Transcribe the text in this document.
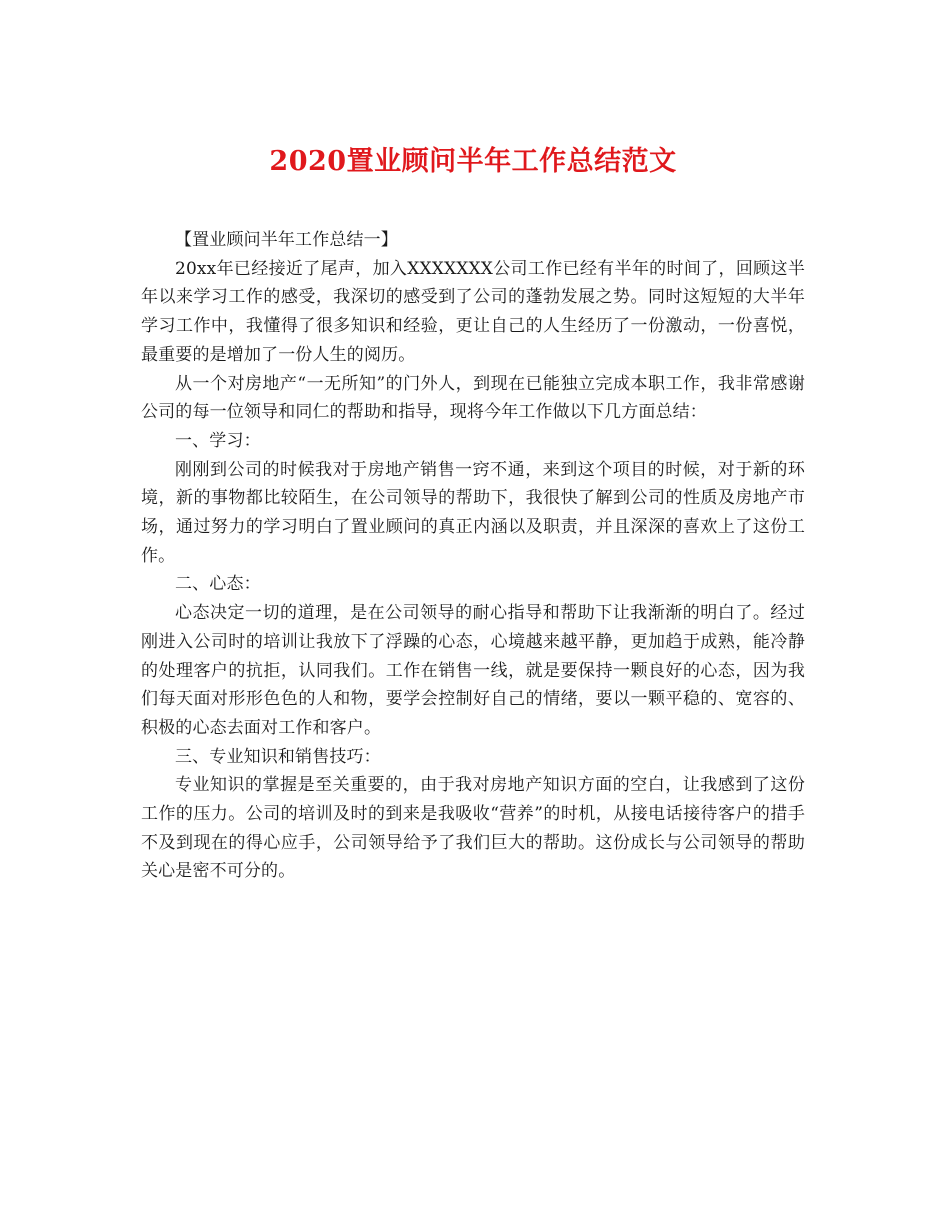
2020置业顾问半年工作总结范文

【置业顾问半年工作总结一】

20xx年已经接近了尾声，加入XXXXXXX公司工作已经有半年的时间了，回顾这半年以来学习工作的感受，我深切的感受到了公司的蓬勃发展之势。同时这短短的大半年学习工作中，我懂得了很多知识和经验，更让自己的人生经历了一份激动，一份喜悦，最重要的是增加了一份人生的阅历。

从一个对房地产“一无所知”的门外人，到现在已能独立完成本职工作，我非常感谢公司的每一位领导和同仁的帮助和指导，现将今年工作做以下几方面总结：

一、学习：

刚刚到公司的时候我对于房地产销售一窍不通，来到这个项目的时候，对于新的环境，新的事物都比较陌生，在公司领导的帮助下，我很快了解到公司的性质及房地产市场，通过努力的学习明白了置业顾问的真正内涵以及职责，并且深深的喜欢上了这份工作。

二、心态：

心态决定一切的道理，是在公司领导的耐心指导和帮助下让我渐渐的明白了。经过刚进入公司时的培训让我放下了浮躁的心态，心境越来越平静，更加趋于成熟，能冷静的处理客户的抗拒，认同我们。工作在销售一线，就是要保持一颗良好的心态，因为我们每天面对形形色色的人和物，要学会控制好自己的情绪，要以一颗平稳的、宽容的、积极的心态去面对工作和客户。

三、专业知识和销售技巧：

专业知识的掌握是至关重要的，由于我对房地产知识方面的空白，让我感到了这份工作的压力。公司的培训及时的到来是我吸收“营养”的时机，从接电话接待客户的措手不及到现在的得心应手，公司领导给予了我们巨大的帮助。这份成长与公司领导的帮助关心是密不可分的。
